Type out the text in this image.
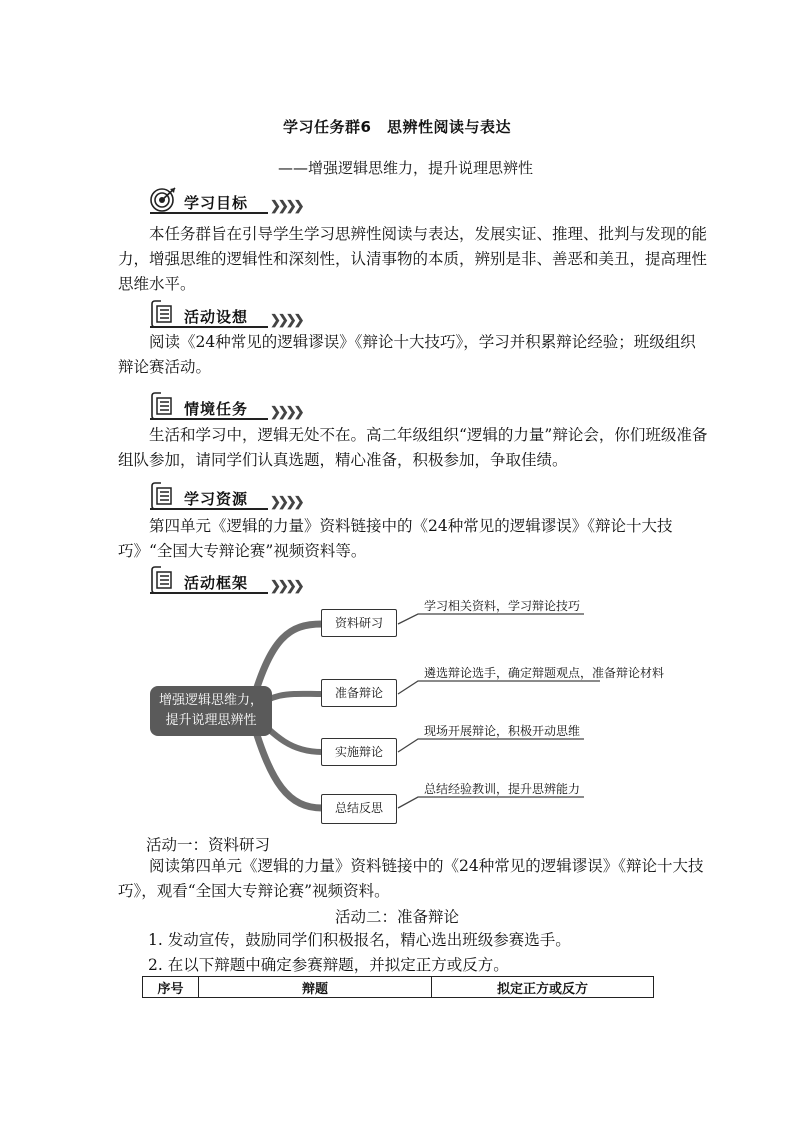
学习任务群6　思辨性阅读与表达
——增强逻辑思维力，提升说理思辨性
学习目标 ❯❯❯❯
本任务群旨在引导学生学习思辨性阅读与表达，发展实证、推理、批判与发现的能力，增强思维的逻辑性和深刻性，认清事物的本质，辨别是非、善恶和美丑，提高理性思维水平。
活动设想 ❯❯❯❯
阅读《24种常见的逻辑谬误》《辩论十大技巧》，学习并积累辩论经验；班级组织辩论赛活动。
情境任务 ❯❯❯❯
生活和学习中，逻辑无处不在。高二年级组织“逻辑的力量”辩论会，你们班级准备组队参加，请同学们认真选题，精心准备，积极参加，争取佳绩。
学习资源 ❯❯❯❯
第四单元《逻辑的力量》资料链接中的《24种常见的逻辑谬误》《辩论十大技巧》“全国大专辩论赛”视频资料等。
活动框架 ❯❯❯❯
增强逻辑思维力，
提升说理思辨性
资料研习
准备辩论
实施辩论
总结反思
学习相关资料，学习辩论技巧
遴选辩论选手，确定辩题观点，准备辩论材料
现场开展辩论，积极开动思维
总结经验教训，提升思辨能力
活动一：资料研习
阅读第四单元《逻辑的力量》资料链接中的《24种常见的逻辑谬误》《辩论十大技巧》，观看“全国大专辩论赛”视频资料。
活动二：准备辩论
1. 发动宣传，鼓励同学们积极报名，精心选出班级参赛选手。
2. 在以下辩题中确定参赛辩题，并拟定正方或反方。
序号	辩题	拟定正方或反方
